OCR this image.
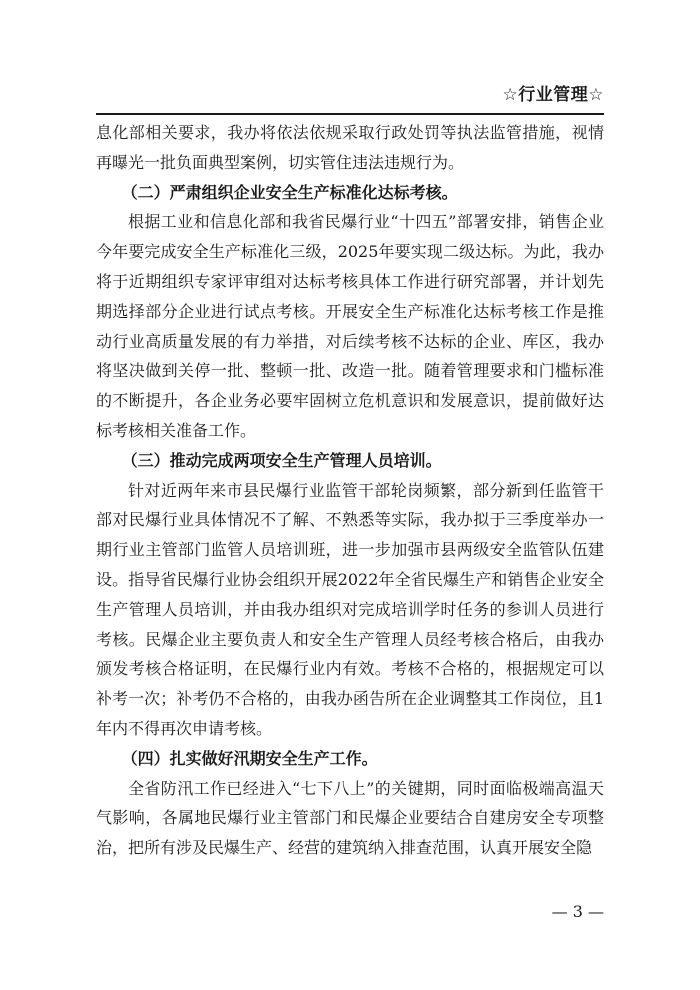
☆行业管理☆

息化部相关要求，我办将依法依规采取行政处罚等执法监管措施，视情再曝光一批负面典型案例，切实管住违法违规行为。

（二）严肃组织企业安全生产标准化达标考核。

根据工业和信息化部和我省民爆行业“十四五”部署安排，销售企业今年要完成安全生产标准化三级，2025年要实现二级达标。为此，我办将于近期组织专家评审组对达标考核具体工作进行研究部署，并计划先期选择部分企业进行试点考核。开展安全生产标准化达标考核工作是推动行业高质量发展的有力举措，对后续考核不达标的企业、库区，我办将坚决做到关停一批、整顿一批、改造一批。随着管理要求和门槛标准的不断提升，各企业务必要牢固树立危机意识和发展意识，提前做好达标考核相关准备工作。

（三）推动完成两项安全生产管理人员培训。

针对近两年来市县民爆行业监管干部轮岗频繁，部分新到任监管干部对民爆行业具体情况不了解、不熟悉等实际，我办拟于三季度举办一期行业主管部门监管人员培训班，进一步加强市县两级安全监管队伍建设。指导省民爆行业协会组织开展2022年全省民爆生产和销售企业安全生产管理人员培训，并由我办组织对完成培训学时任务的参训人员进行考核。民爆企业主要负责人和安全生产管理人员经考核合格后，由我办颁发考核合格证明，在民爆行业内有效。考核不合格的，根据规定可以补考一次；补考仍不合格的，由我办函告所在企业调整其工作岗位，且1年内不得再次申请考核。

（四）扎实做好汛期安全生产工作。

全省防汛工作已经进入“七下八上”的关键期，同时面临极端高温天气影响，各属地民爆行业主管部门和民爆企业要结合自建房安全专项整治，把所有涉及民爆生产、经营的建筑纳入排查范围，认真开展安全隐

— 3 —
